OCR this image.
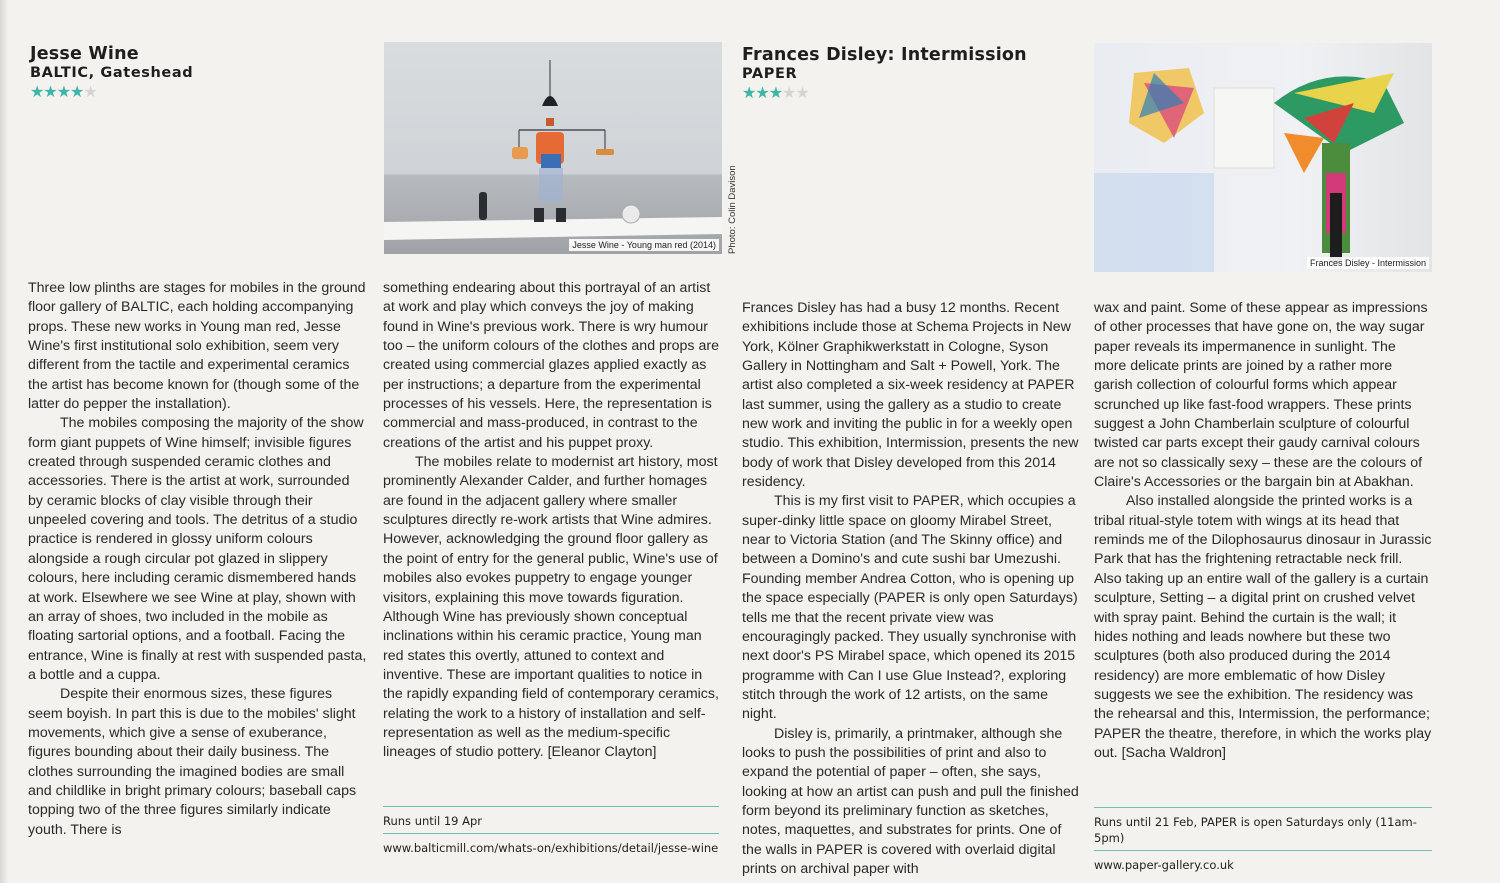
Jesse Wine
BALTIC, Gateshead
★★★★★
Jesse Wine - Young man red (2014)	Photo: Colin Davison

Three low plinths are stages for mobiles in the ground floor gallery of BALTIC, each holding accompanying props. These new works in Young man red, Jesse Wine's first institutional solo exhibition, seem very different from the tactile and experimental ceramics the artist has become known for (though some of the latter do pepper the installation).

The mobiles composing the majority of the show form giant puppets of Wine himself; invisible figures created through suspended ceramic clothes and accessories. There is the artist at work, surrounded by ceramic blocks of clay visible through their unpeeled covering and tools. The detritus of a studio practice is rendered in glossy uniform colours alongside a rough circular pot glazed in slippery colours, here including ceramic dismembered hands at work. Elsewhere we see Wine at play, shown with an array of shoes, two included in the mobile as floating sartorial options, and a football. Facing the entrance, Wine is finally at rest with suspended pasta, a bottle and a cuppa.

Despite their enormous sizes, these figures seem boyish. In part this is due to the mobiles' slight movements, which give a sense of exuberance, figures bounding about their daily business. The clothes surrounding the imagined bodies are small and childlike in bright primary colours; baseball caps topping two of the three figures similarly indicate youth. There is

something endearing about this portrayal of an artist at work and play which conveys the joy of making found in Wine's previous work. There is wry humour too – the uniform colours of the clothes and props are created using commercial glazes applied exactly as per instructions; a departure from the experimental processes of his vessels. Here, the representation is commercial and mass-produced, in contrast to the creations of the artist and his puppet proxy.

The mobiles relate to modernist art history, most prominently Alexander Calder, and further homages are found in the adjacent gallery where smaller sculptures directly re-work artists that Wine admires. However, acknowledging the ground floor gallery as the point of entry for the general public, Wine's use of mobiles also evokes puppetry to engage younger visitors, explaining this move towards figuration. Although Wine has previously shown conceptual inclinations within his ceramic practice, Young man red states this overtly, attuned to context and inventive. These are important qualities to notice in the rapidly expanding field of contemporary ceramics, relating the work to a history of installation and self-representation as well as the medium-specific lineages of studio pottery. [Eleanor Clayton]

Runs until 19 Apr
www.balticmill.com/whats-on/exhibitions/detail/jesse-wine
Frances Disley: Intermission
PAPER
★★★★★
Frances Disley - Intermission

Frances Disley has had a busy 12 months. Recent exhibitions include those at Schema Projects in New York, Kölner Graphikwerkstatt in Cologne, Syson Gallery in Nottingham and Salt + Powell, York. The artist also completed a six-week residency at PAPER last summer, using the gallery as a studio to create new work and inviting the public in for a weekly open studio. This exhibition, Intermission, presents the new body of work that Disley developed from this 2014 residency.

This is my first visit to PAPER, which occupies a super-dinky little space on gloomy Mirabel Street, near to Victoria Station (and The Skinny office) and between a Domino's and cute sushi bar Umezushi. Founding member Andrea Cotton, who is opening up the space especially (PAPER is only open Saturdays) tells me that the recent private view was encouragingly packed. They usually synchronise with next door's PS Mirabel space, which opened its 2015 programme with Can I use Glue Instead?, exploring stitch through the work of 12 artists, on the same night.

Disley is, primarily, a printmaker, although she looks to push the possibilities of print and also to expand the potential of paper – often, she says, looking at how an artist can push and pull the finished form beyond its preliminary function as sketches, notes, maquettes, and substrates for prints. One of the walls in PAPER is covered with overlaid digital prints on archival paper with

wax and paint. Some of these appear as impressions of other processes that have gone on, the way sugar paper reveals its impermanence in sunlight. The more delicate prints are joined by a rather more garish collection of colourful forms which appear scrunched up like fast-food wrappers. These prints suggest a John Chamberlain sculpture of colourful twisted car parts except their gaudy carnival colours are not so classically sexy – these are the colours of Claire's Accessories or the bargain bin at Abakhan.

Also installed alongside the printed works is a tribal ritual-style totem with wings at its head that reminds me of the Dilophosaurus dinosaur in Jurassic Park that has the frightening retractable neck frill. Also taking up an entire wall of the gallery is a curtain sculpture, Setting – a digital print on crushed velvet with spray paint. Behind the curtain is the wall; it hides nothing and leads nowhere but these two sculptures (both also produced during the 2014 residency) are more emblematic of how Disley suggests we see the exhibition. The residency was the rehearsal and this, Intermission, the performance; PAPER the theatre, therefore, in which the works play out. [Sacha Waldron]

Runs until 21 Feb, PAPER is open Saturdays only (11am-5pm)
www.paper-gallery.co.uk
